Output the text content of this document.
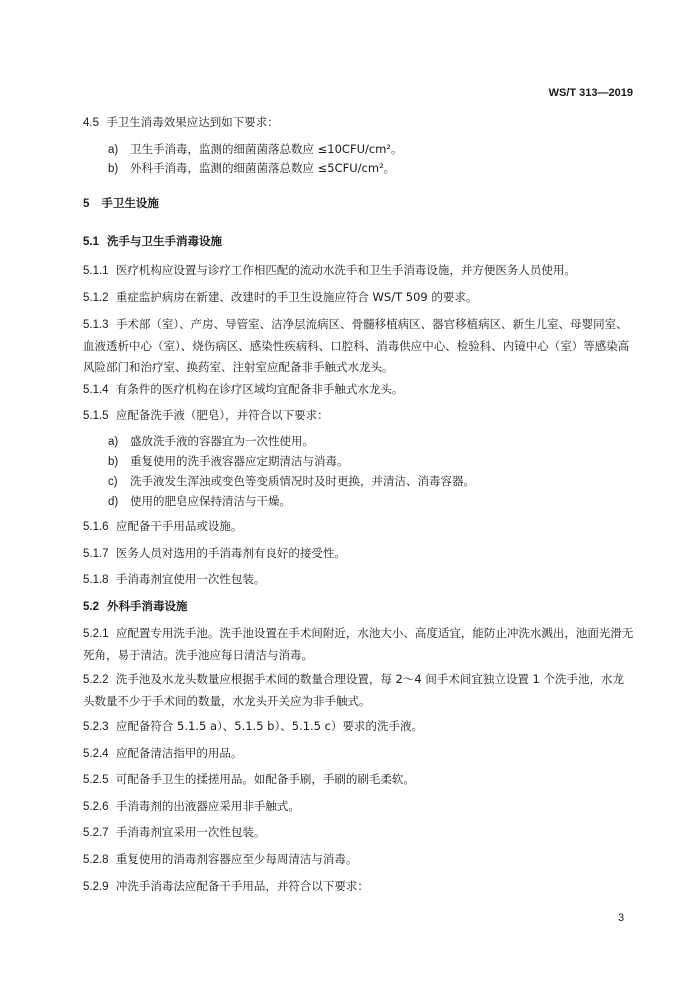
WS/T 313—2019
4.5 手卫生消毒效果应达到如下要求：
a) 卫生手消毒，监测的细菌菌落总数应 ≤10CFU/cm²。
b) 外科手消毒，监测的细菌菌落总数应 ≤5CFU/cm²。
5 手卫生设施
5.1 洗手与卫生手消毒设施
5.1.1 医疗机构应设置与诊疗工作相匹配的流动水洗手和卫生手消毒设施，并方便医务人员使用。
5.1.2 重症监护病房在新建、改建时的手卫生设施应符合 WS/T 509 的要求。
5.1.3 手术部（室）、产房、导管室、洁净层流病区、骨髓移植病区、器官移植病区、新生儿室、母婴同室、血液透析中心（室）、烧伤病区、感染性疾病科、口腔科、消毒供应中心、检验科、内镜中心（室）等感染高风险部门和治疗室、换药室、注射室应配备非手触式水龙头。
5.1.4 有条件的医疗机构在诊疗区域均宜配备非手触式水龙头。
5.1.5 应配备洗手液（肥皂），并符合以下要求：
a) 盛放洗手液的容器宜为一次性使用。
b) 重复使用的洗手液容器应定期清洁与消毒。
c) 洗手液发生浑浊或变色等变质情况时及时更换，并清洁、消毒容器。
d) 使用的肥皂应保持清洁与干燥。
5.1.6 应配备干手用品或设施。
5.1.7 医务人员对选用的手消毒剂有良好的接受性。
5.1.8 手消毒剂宜使用一次性包装。
5.2 外科手消毒设施
5.2.1 应配置专用洗手池。洗手池设置在手术间附近，水池大小、高度适宜，能防止冲洗水溅出，池面光滑无死角，易于清洁。洗手池应每日清洁与消毒。
5.2.2 洗手池及水龙头数量应根据手术间的数量合理设置，每 2～4 间手术间宜独立设置 1 个洗手池，水龙头数量不少于手术间的数量，水龙头开关应为非手触式。
5.2.3 应配备符合 5.1.5 a）、5.1.5 b）、5.1.5 c）要求的洗手液。
5.2.4 应配备清洁指甲的用品。
5.2.5 可配备手卫生的揉搓用品。如配备手刷，手刷的刷毛柔软。
5.2.6 手消毒剂的出液器应采用非手触式。
5.2.7 手消毒剂宜采用一次性包装。
5.2.8 重复使用的消毒剂容器应至少每周清洁与消毒。
5.2.9 冲洗手消毒法应配备干手用品，并符合以下要求：
3
